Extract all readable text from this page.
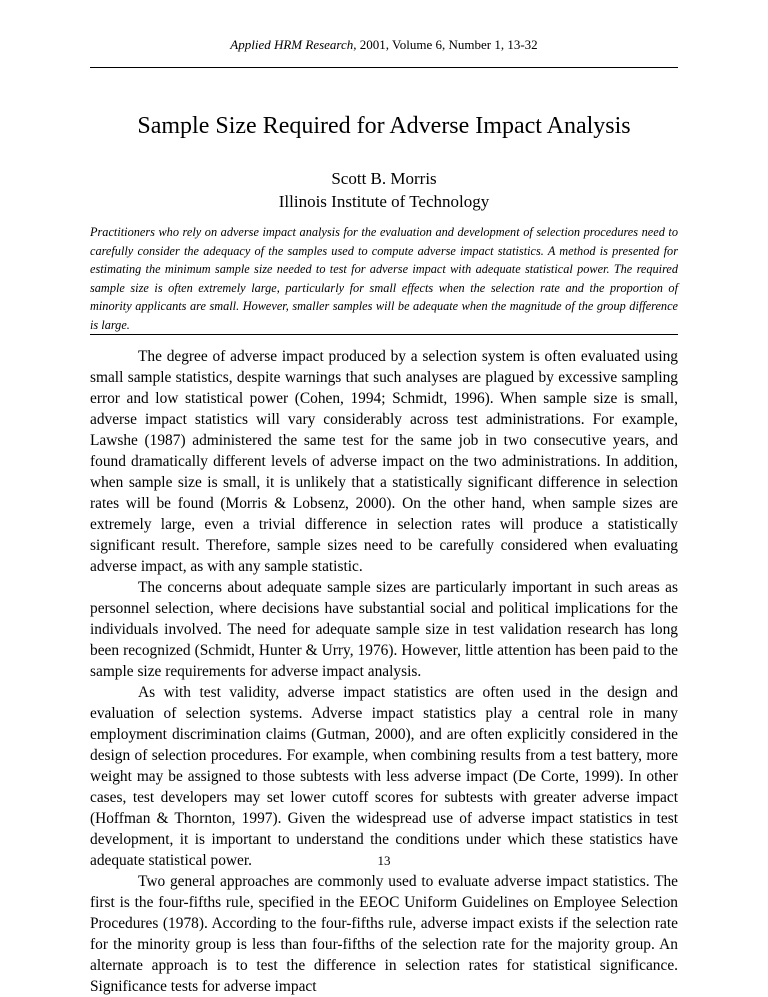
Applied HRM Research, 2001, Volume 6, Number 1, 13-32
Sample Size Required for Adverse Impact Analysis
Scott B. Morris
Illinois Institute of Technology

Practitioners who rely on adverse impact analysis for the evaluation and development of selection procedures need to carefully consider the adequacy of the samples used to compute adverse impact statistics. A method is presented for estimating the minimum sample size needed to test for adverse impact with adequate statistical power. The required sample size is often extremely large, particularly for small effects when the selection rate and the proportion of minority applicants are small. However, smaller samples will be adequate when the magnitude of the group difference is large.

The degree of adverse impact produced by a selection system is often evaluated using small sample statistics, despite warnings that such analyses are plagued by excessive sampling error and low statistical power (Cohen, 1994; Schmidt, 1996). When sample size is small, adverse impact statistics will vary considerably across test administrations. For example, Lawshe (1987) administered the same test for the same job in two consecutive years, and found dramatically different levels of adverse impact on the two administrations. In addition, when sample size is small, it is unlikely that a statistically significant difference in selection rates will be found (Morris & Lobsenz, 2000). On the other hand, when sample sizes are extremely large, even a trivial difference in selection rates will produce a statistically significant result. Therefore, sample sizes need to be carefully considered when evaluating adverse impact, as with any sample statistic.

The concerns about adequate sample sizes are particularly important in such areas as personnel selection, where decisions have substantial social and political implications for the individuals involved. The need for adequate sample size in test validation research has long been recognized (Schmidt, Hunter & Urry, 1976). However, little attention has been paid to the sample size requirements for adverse impact analysis.

As with test validity, adverse impact statistics are often used in the design and evaluation of selection systems. Adverse impact statistics play a central role in many employment discrimination claims (Gutman, 2000), and are often explicitly considered in the design of selection procedures. For example, when combining results from a test battery, more weight may be assigned to those subtests with less adverse impact (De Corte, 1999). In other cases, test developers may set lower cutoff scores for subtests with greater adverse impact (Hoffman & Thornton, 1997). Given the widespread use of adverse impact statistics in test development, it is important to understand the conditions under which these statistics have adequate statistical power.

Two general approaches are commonly used to evaluate adverse impact statistics. The first is the four-fifths rule, specified in the EEOC Uniform Guidelines on Employee Selection Procedures (1978). According to the four-fifths rule, adverse impact exists if the selection rate for the minority group is less than four-fifths of the selection rate for the majority group. An alternate approach is to test the difference in selection rates for statistical significance. Significance tests for adverse impact

13
